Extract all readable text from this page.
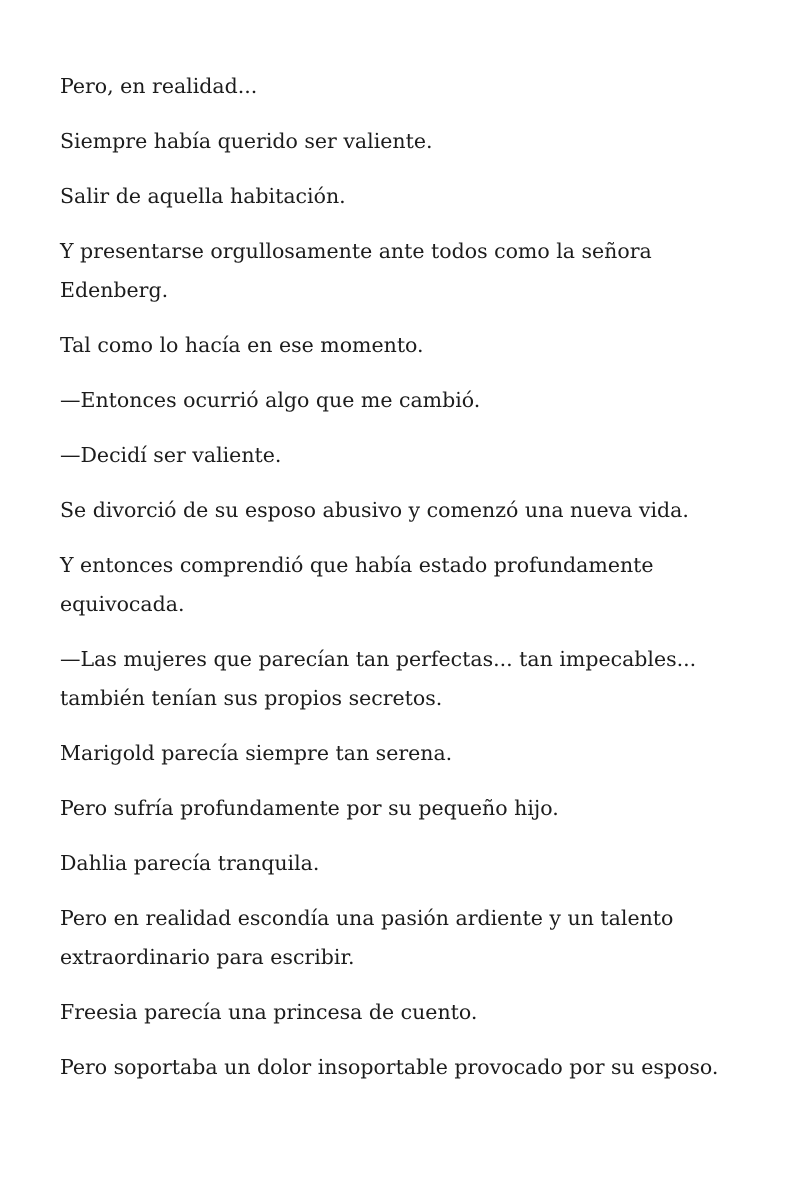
Pero, en realidad...

Siempre había querido ser valiente.

Salir de aquella habitación.

Y presentarse orgullosamente ante todos como la señora Edenberg.

Tal como lo hacía en ese momento.

—Entonces ocurrió algo que me cambió.

—Decidí ser valiente.

Se divorció de su esposo abusivo y comenzó una nueva vida.

Y entonces comprendió que había estado profundamente equivocada.

—Las mujeres que parecían tan perfectas... tan impecables... también tenían sus propios secretos.

Marigold parecía siempre tan serena.

Pero sufría profundamente por su pequeño hijo.

Dahlia parecía tranquila.

Pero en realidad escondía una pasión ardiente y un talento extraordinario para escribir.

Freesia parecía una princesa de cuento.

Pero soportaba un dolor insoportable provocado por su esposo.
